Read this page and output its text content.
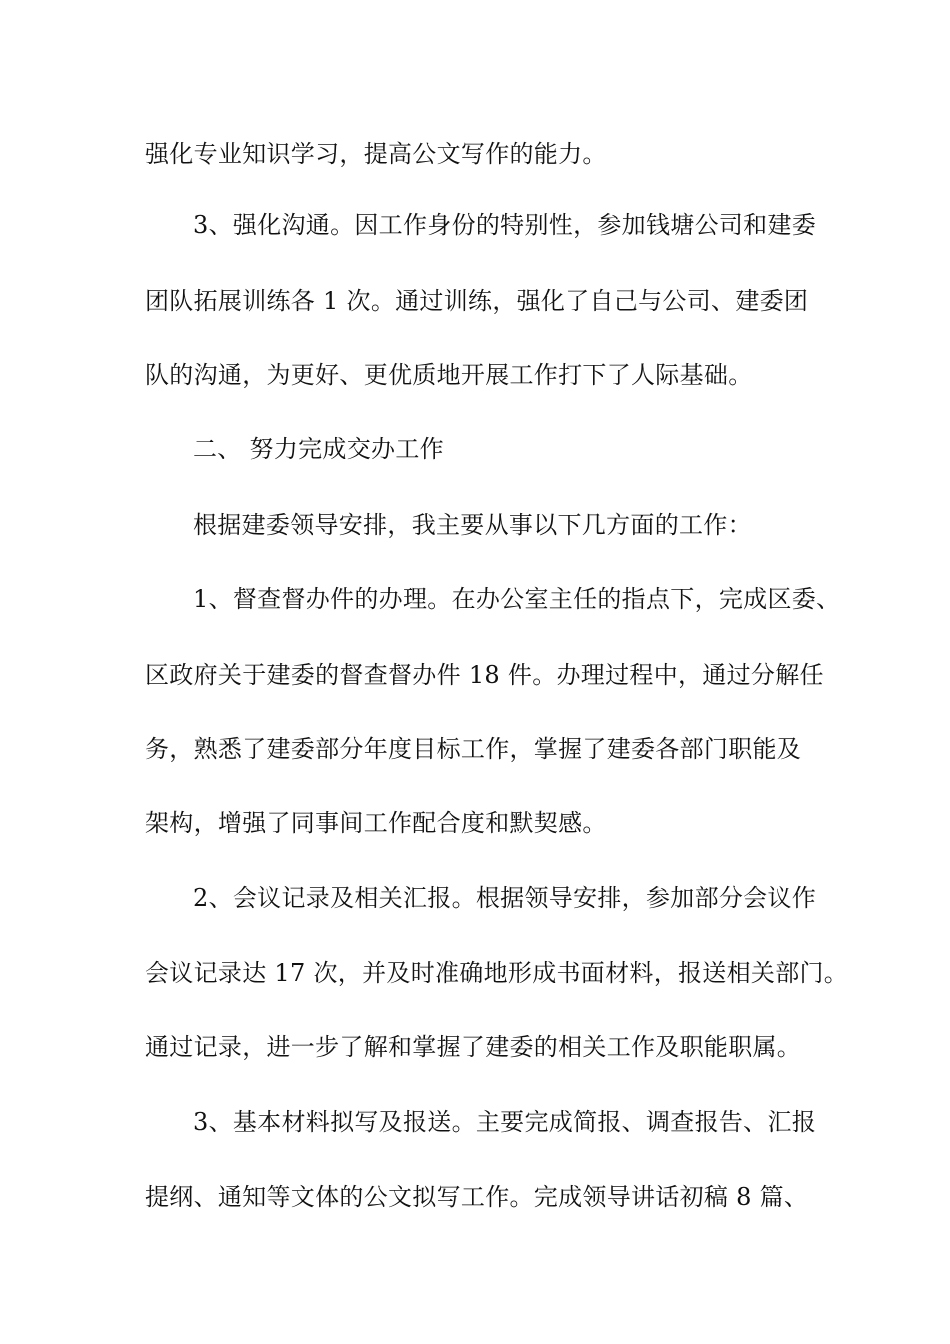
强化专业知识学习，提高公文写作的能力。

3、强化沟通。因工作身份的特别性，参加钱塘公司和建委

团队拓展训练各 1 次。通过训练，强化了自己与公司、建委团

队的沟通，为更好、更优质地开展工作打下了人际基础。

二、 努力完成交办工作

根据建委领导安排，我主要从事以下几方面的工作：

1、督查督办件的办理。在办公室主任的指点下，完成区委、

区政府关于建委的督查督办件 18 件。办理过程中，通过分解任

务，熟悉了建委部分年度目标工作，掌握了建委各部门职能及

架构，增强了同事间工作配合度和默契感。

2、会议记录及相关汇报。根据领导安排，参加部分会议作

会议记录达 17 次，并及时准确地形成书面材料，报送相关部门。

通过记录，进一步了解和掌握了建委的相关工作及职能职属。

3、基本材料拟写及报送。主要完成简报、调查报告、汇报

提纲、通知等文体的公文拟写工作。完成领导讲话初稿 8 篇、
